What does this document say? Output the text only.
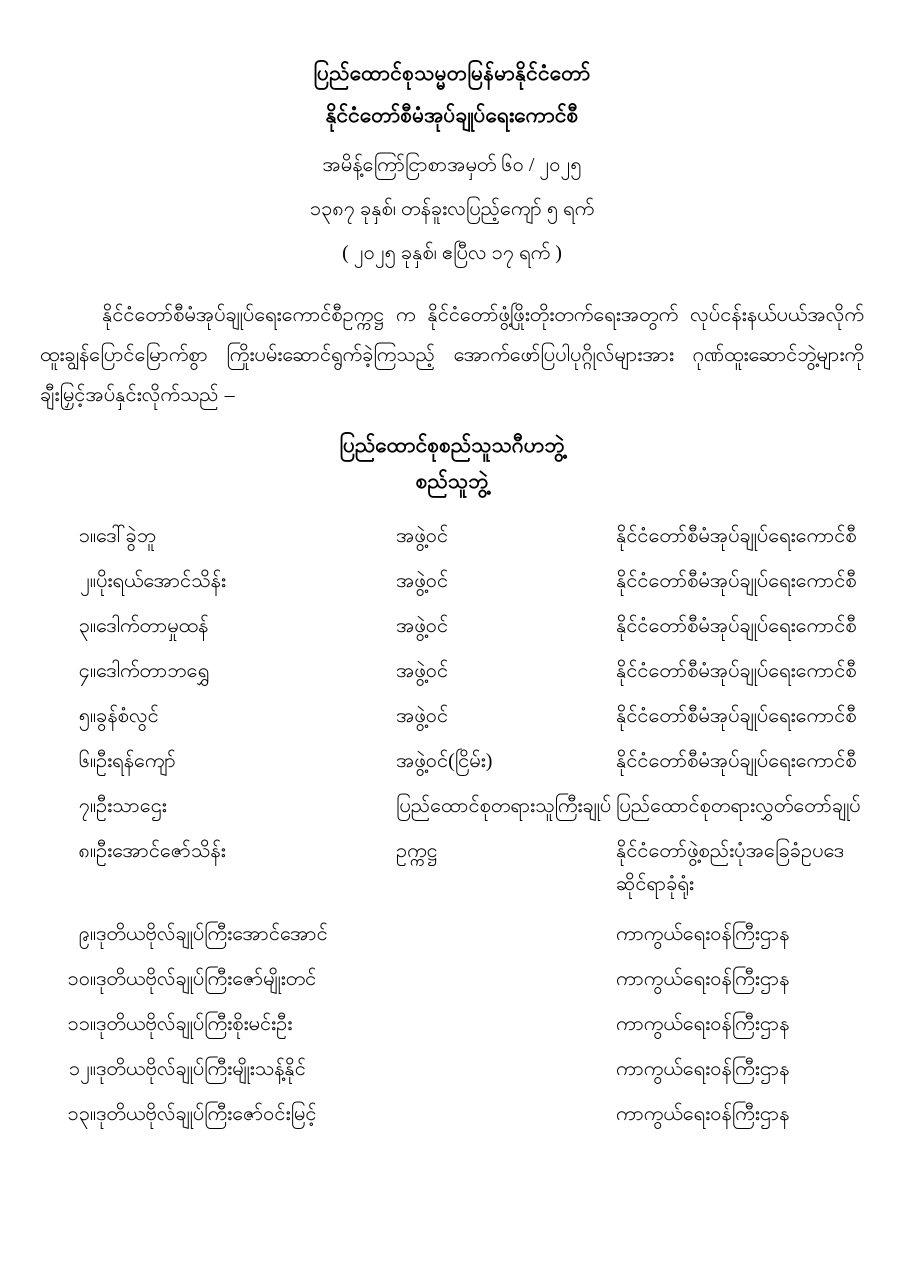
ပြည်ထောင်စုသမ္မတမြန်မာနိုင်ငံတော်

နိုင်ငံတော်စီမံအုပ်ချုပ်ရေးကောင်စီ

အမိန့်ကြော်ငြာစာအမှတ် ၆၀ / ၂၀၂၅

၁၃၈၇ ခုနှစ်၊ တန်ခူးလပြည့်ကျော် ၅ ရက်

( ၂၀၂၅ ခုနှစ်၊ ဧပြီလ ၁၇ ရက် )

နိုင်ငံတော်စီမံအုပ်ချုပ်ရေးကောင်စီဥက္ကဋ္ဌ က နိုင်ငံတော်ဖွံ့ဖြိုးတိုးတက်ရေးအတွက် လုပ်ငန်းနယ်ပယ်အလိုက် ထူးချွန်ပြောင်မြောက်စွာ ကြိုးပမ်းဆောင်ရွက်ခဲ့ကြသည့် အောက်ဖော်ပြပါပုဂ္ဂိုလ်များအား ဂုဏ်ထူးဆောင်ဘွဲ့များကို ချီးမြှင့်အပ်နှင်းလိုက်သည် –

ပြည်ထောင်စုစည်သူသဂီဟဘွဲ့

စည်သူဘွဲ့

၁။	ဒေါ်ခွဲဘူ	အဖွဲ့ဝင်	နိုင်ငံတော်စီမံအုပ်ချုပ်ရေးကောင်စီ
၂။	ပိုးရယ်အောင်သိန်း	အဖွဲ့ဝင်	နိုင်ငံတော်စီမံအုပ်ချုပ်ရေးကောင်စီ
၃။	ဒေါက်တာမှုထန်	အဖွဲ့ဝင်	နိုင်ငံတော်စီမံအုပ်ချုပ်ရေးကောင်စီ
၄။	ဒေါက်တာဘရွှေ	အဖွဲ့ဝင်	နိုင်ငံတော်စီမံအုပ်ချုပ်ရေးကောင်စီ
၅။	ခွန်စံလွင်	အဖွဲ့ဝင်	နိုင်ငံတော်စီမံအုပ်ချုပ်ရေးကောင်စီ
၆။	ဦးရန်ကျော်	အဖွဲ့ဝင်(ငြိမ်း)	နိုင်ငံတော်စီမံအုပ်ချုပ်ရေးကောင်စီ
၇။	ဦးသာဌေး	ပြည်ထောင်စုတရားသူကြီးချုပ်	ပြည်ထောင်စုတရားလွှတ်တော်ချုပ်
၈။	ဦးအောင်ဇော်သိန်း	ဥက္ကဋ္ဌ	နိုင်ငံတော်ဖွဲ့စည်းပုံအခြေခံဥပဒေ
ဆိုင်ရာခုံရုံး

၉။	ဒုတိယဗိုလ်ချုပ်ကြီးအောင်အောင်		ကာကွယ်ရေးဝန်ကြီးဌာန
၁၀။	ဒုတိယဗိုလ်ချုပ်ကြီးဇော်မျိုးတင်		ကာကွယ်ရေးဝန်ကြီးဌာန
၁၁။	ဒုတိယဗိုလ်ချုပ်ကြီးစိုးမင်းဦး		ကာကွယ်ရေးဝန်ကြီးဌာန
၁၂။	ဒုတိယဗိုလ်ချုပ်ကြီးမျိုးသန့်နိုင်		ကာကွယ်ရေးဝန်ကြီးဌာန
၁၃။	ဒုတိယဗိုလ်ချုပ်ကြီးဇော်ဝင်းမြင့်		ကာကွယ်ရေးဝန်ကြီးဌာန
